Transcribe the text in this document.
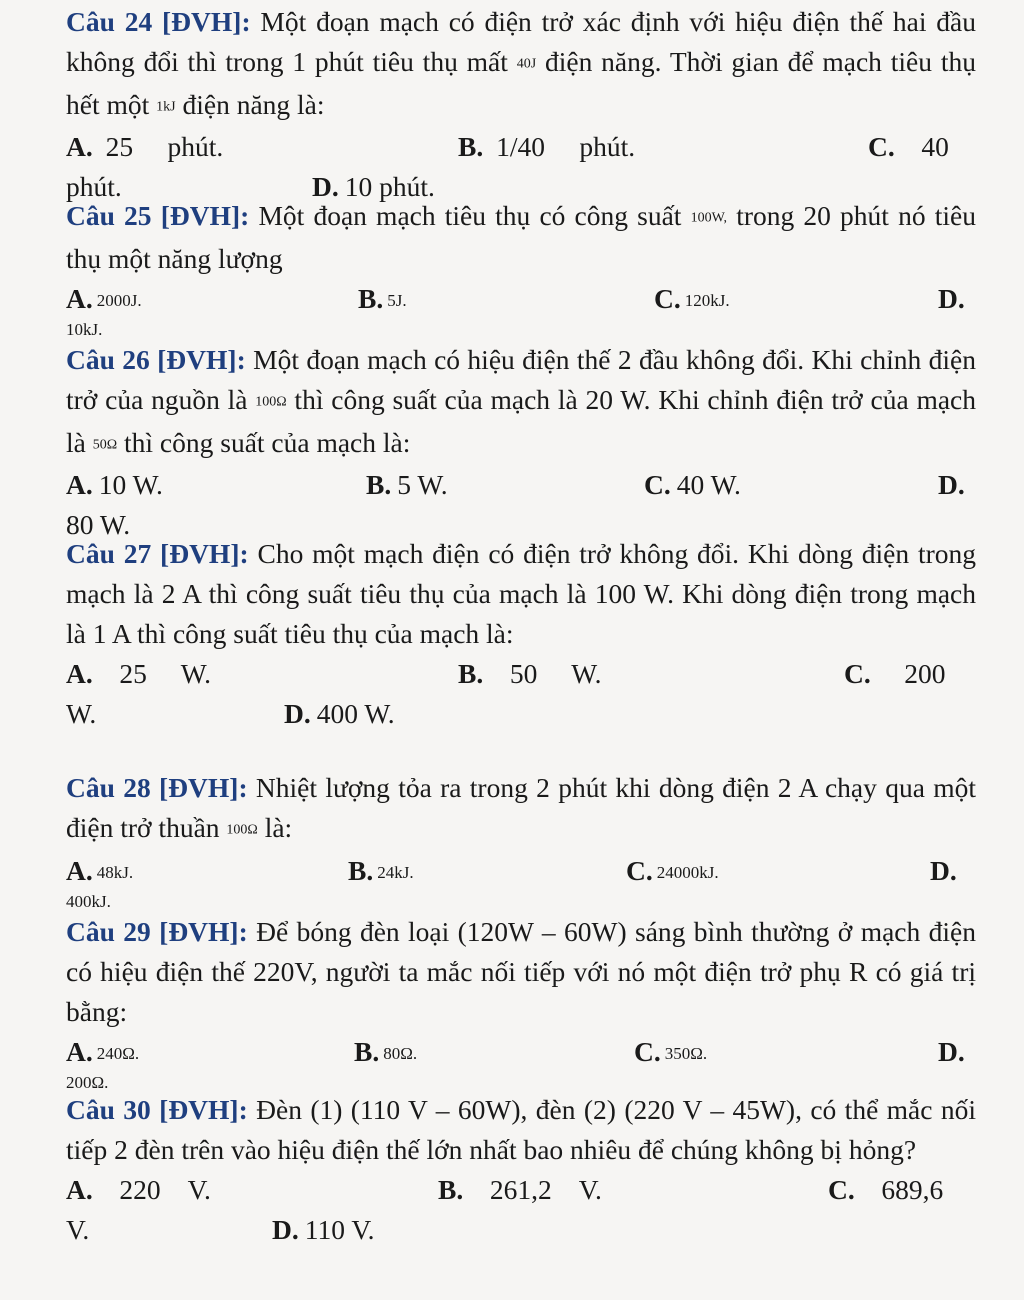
Câu 24 [ĐVH]: Một đoạn mạch có điện trở xác định với hiệu điện thế hai đầu không đổi thì trong 1 phút tiêu thụ mất 40J điện năng. Thời gian để mạch tiêu thụ hết một 1kJ điện năng là:
A. 25     phút.	B. 1/40     phút.	C. 40
phút.	D. 10 phút.
Câu 25 [ĐVH]: Một đoạn mạch tiêu thụ có công suất 100W, trong 20 phút nó tiêu thụ một năng lượng
A. 2000J.	B. 5J.	C. 120kJ.	D.
10kJ.
Câu 26 [ĐVH]: Một đoạn mạch có hiệu điện thế 2 đầu không đổi. Khi chỉnh điện trở của nguồn là 100Ω thì công suất của mạch là 20 W. Khi chỉnh điện trở của mạch là 50Ω thì công suất của mạch là:
A. 10 W.	B. 5 W.	C. 40 W.	D.
80 W.
Câu 27 [ĐVH]: Cho một mạch điện có điện trở không đổi. Khi dòng điện trong mạch là 2 A thì công suất tiêu thụ của mạch là 100 W. Khi dòng điện trong mạch là 1 A thì công suất tiêu thụ của mạch là:
A. 25     W.	B. 50     W.	C. 200
W.	D. 400 W.
Câu 28 [ĐVH]: Nhiệt lượng tỏa ra trong 2 phút khi dòng điện 2 A chạy qua một điện trở thuần 100Ω là:
A. 48kJ.	B. 24kJ.	C. 24000kJ.	D.
400kJ.
Câu 29 [ĐVH]: Để bóng đèn loại (120W – 60W) sáng bình thường ở mạch điện có hiệu điện thế 220V, người ta mắc nối tiếp với nó một điện trở phụ R có giá trị bằng:
A. 240Ω.	B. 80Ω.	C. 350Ω.	D.
200Ω.
Câu 30 [ĐVH]: Đèn (1) (110 V – 60W), đèn (2) (220 V – 45W), có thể mắc nối tiếp 2 đèn trên vào hiệu điện thế lớn nhất bao nhiêu để chúng không bị hỏng?
A. 220    V.	B. 261,2    V.	C. 689,6
V.	D. 110 V.
